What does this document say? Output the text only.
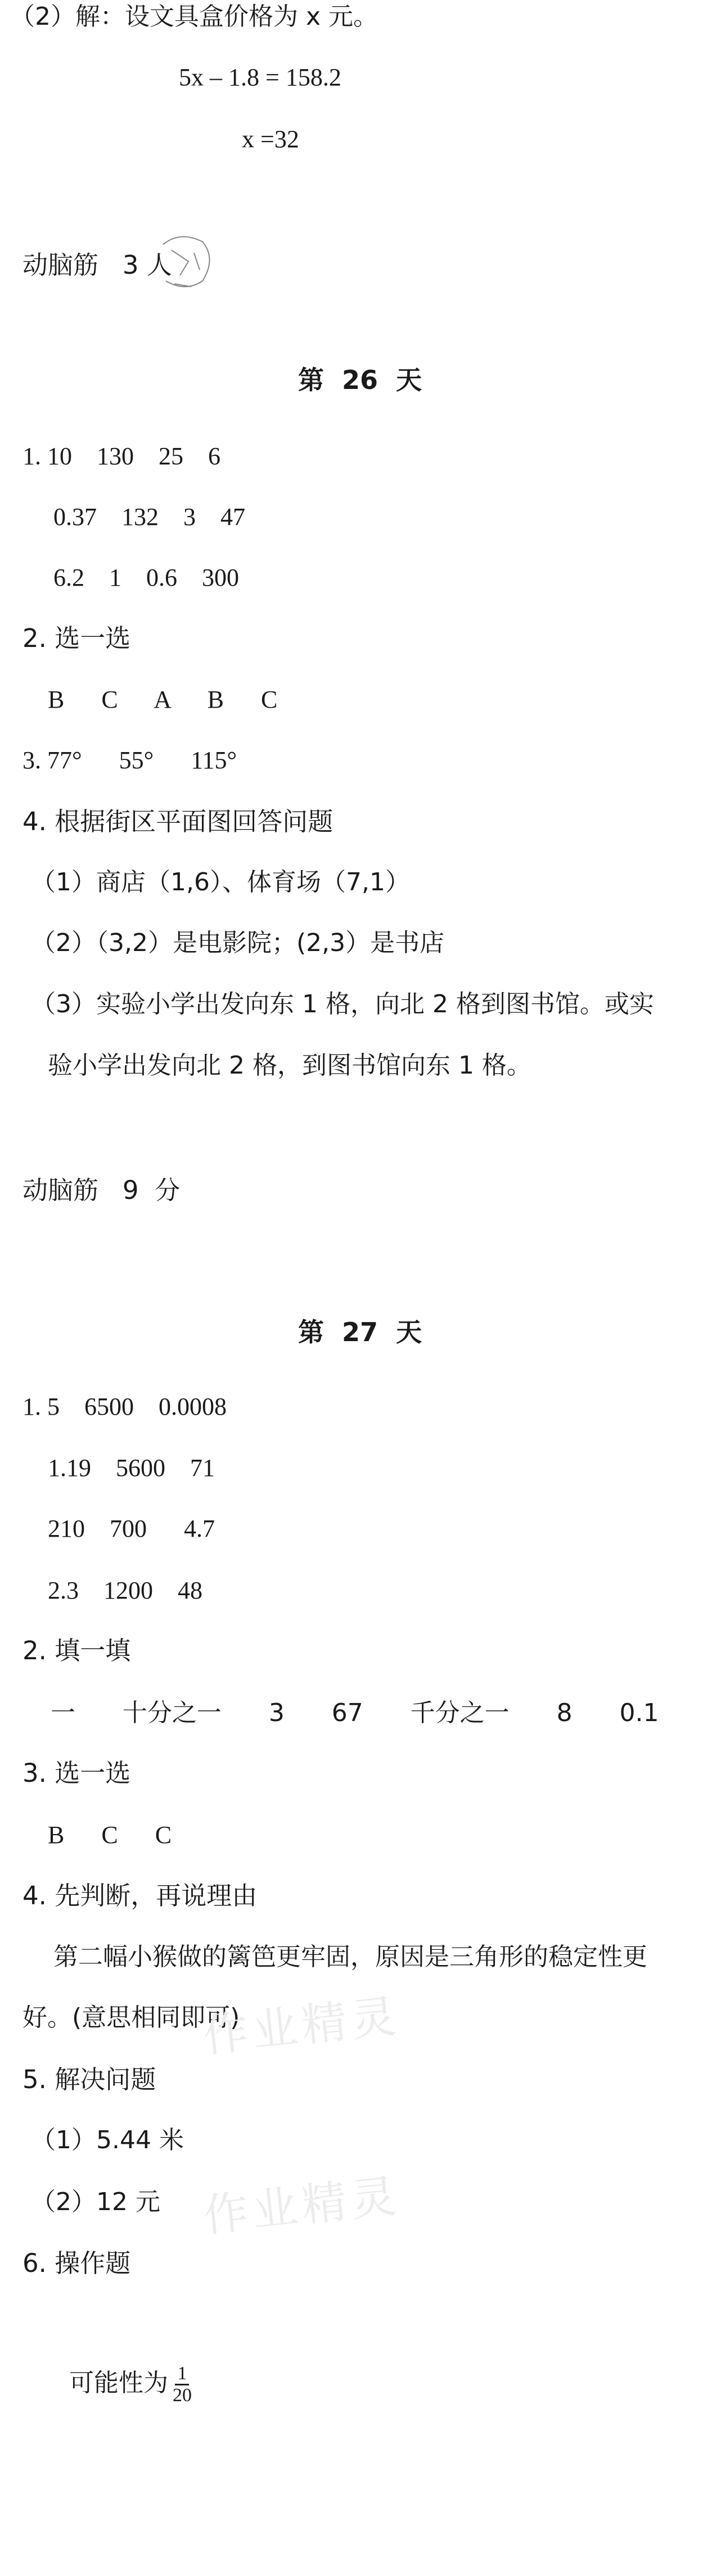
（2）解：设文具盒价格为 x 元。
5x – 1.8 = 158.2
x =32
动脑筋   3 人
第  26  天
1. 10    130    25    6
0.37    132    3    47
6.2    1    0.6    300
2. 选一选
B      C      A      B      C
3. 77°      55°      115°
4. 根据街区平面图回答问题
（1）商店（1,6）、体育场（7,1）
（2）（3,2）是电影院；(2,3）是书店
（3）实验小学出发向东 1 格，向北 2 格到图书馆。或实
验小学出发向北 2 格，到图书馆向东 1 格。
动脑筋   9  分
第  27  天
1. 5    6500    0.0008
1.19    5600    71
210    700      4.7
2.3    1200    48
2. 填一填
一      十分之一      3      67      千分之一      8      0.1
3. 选一选
B      C      C
4. 先判断，再说理由
第二幅小猴做的篱笆更牢固，原因是三角形的稳定性更
好。(意思相同即可)
作业精灵
5. 解决问题
（1）5.44 米
（2）12 元 作业精灵
6. 操作题

可能性为 $\frac{1}{20}$
